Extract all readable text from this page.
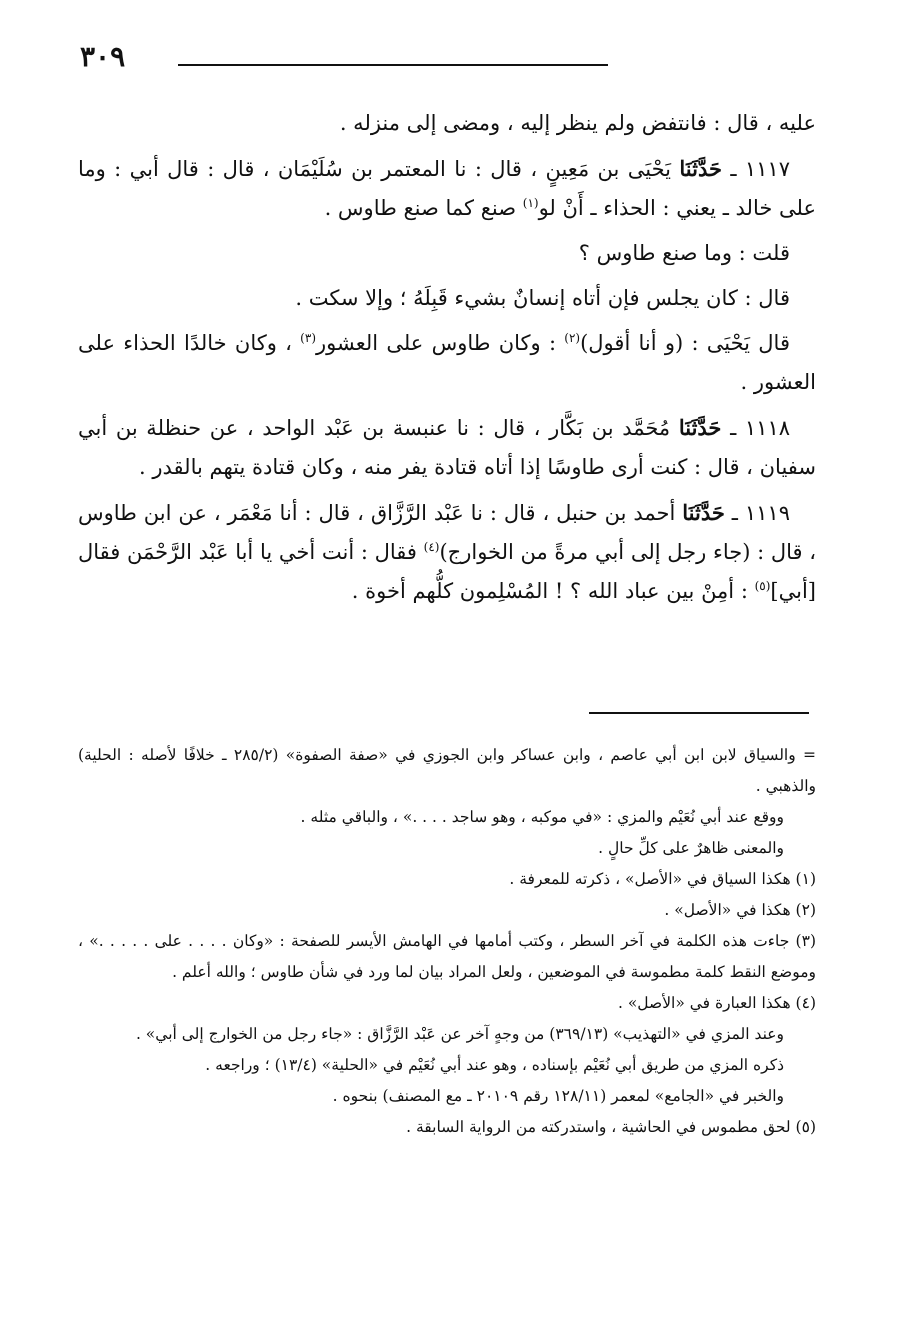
٣٠٩

عليه ، قال : فانتفض ولم ينظر إليه ، ومضى إلى منزله .

١١١٧ ـ حَدَّثَنَا يَحْيَى بن مَعِينٍ ، قال : نا المعتمر بن سُلَيْمَان ، قال : قال أبي : وما على خالد ـ يعني : الحذاء ـ أَنْ لو$^{(١)}$ صنع كما صنع طاوس .

قلت : وما صنع طاوس ؟

قال : كان يجلس فإن أتاه إنسانٌ بشيء قَبِلَهُ ؛ وإلا سكت .

قال يَحْيَى : (و أنا أقول)$^{(٢)}$ : وكان طاوس على العشور$^{(٣)}$ ، وكان خالدًا الحذاء على العشور .

١١١٨ ـ حَدَّثَنَا مُحَمَّد بن بَكَّار ، قال : نا عنبسة بن عَبْد الواحد ، عن حنظلة بن أبي سفيان ، قال : كنت أرى طاوسًا إذا أتاه قتادة يفر منه ، وكان قتادة يتهم بالقدر .

١١١٩ ـ حَدَّثَنَا أحمد بن حنبل ، قال : نا عَبْد الرَّزَّاق ، قال : أنا مَعْمَر ، عن ابن طاوس ، قال : (جاء رجل إلى أبي مرةً من الخوارج)$^{(٤)}$ فقال : أنت أخي يا أبا عَبْد الرَّحْمَن فقال [أبي]$^{(٥)}$ : أمِنْ بين عباد الله ؟ ! المُسْلِمون كلُّهم أخوة .

= والسياق لابن ابن أبي عاصم ، وابن عساكر وابن الجوزي في «صفة الصفوة» (٢٨٥/٢ ـ خلافًا لأصله : الحلية) والذهبي .

ووقع عند أبي نُعَيْم والمزي : «في موكبه ، وهو ساجد . . . .» ، والباقي مثله .

والمعنى ظاهرٌ على كلِّ حالٍ .

(١) هكذا السياق في «الأصل» ، ذكرته للمعرفة .

(٢) هكذا في «الأصل» .

(٣) جاءت هذه الكلمة في آخر السطر ، وكتب أمامها في الهامش الأيسر للصفحة : «وكان . . . . على . . . . .» ، وموضع النقط كلمة مطموسة في الموضعين ، ولعل المراد بيان لما ورد في شأن طاوس ؛ والله أعلم .

(٤) هكذا العبارة في «الأصل» .

وعند المزي في «التهذيب» (٣٦٩/١٣) من وجهٍ آخر عن عَبْد الرَّزَّاق : «جاء رجل من الخوارج إلى أبي» .

ذكره المزي من طريق أبي نُعَيْم بإسناده ، وهو عند أبي نُعَيْم في «الحلية» (١٣/٤) ؛ وراجعه .

والخبر في «الجامع» لمعمر (١٢٨/١١ رقم ٢٠١٠٩ ـ مع المصنف) بنحوه .

(٥) لحق مطموس في الحاشية ، واستدركته من الرواية السابقة .
